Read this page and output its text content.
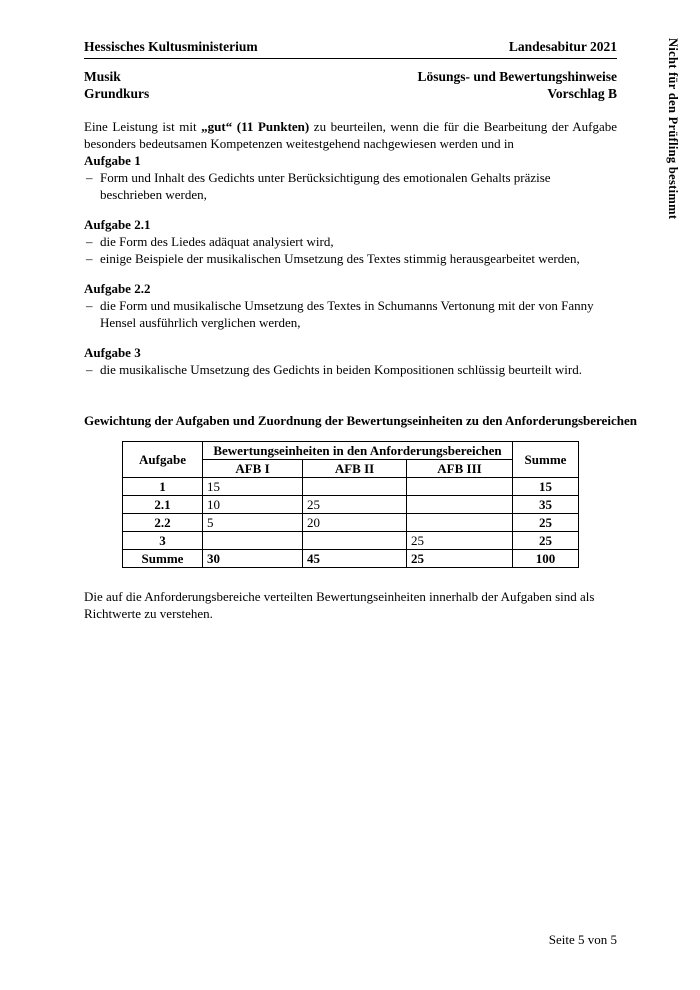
Nicht für den Prüfling bestimmt
Hessisches Kultusministerium	Landesabitur 2021
Musik	Lösungs- und Bewertungshinweise
Grundkurs	Vorschlag B

Eine Leistung ist mit „gut“ (11 Punkten) zu beurteilen, wenn die für die Bearbeitung der Aufgabe besonders bedeutsamen Kompetenzen weitestgehend nachgewiesen werden und in

Aufgabe 1
– Form und Inhalt des Gedichts unter Berücksichtigung des emotionalen Gehalts präzise beschrieben werden,
Aufgabe 2.1
– die Form des Liedes adäquat analysiert wird,
– einige Beispiele der musikalischen Umsetzung des Textes stimmig herausgearbeitet werden,
Aufgabe 2.2
– die Form und musikalische Umsetzung des Textes in Schumanns Vertonung mit der von Fanny Hensel ausführlich verglichen werden,
Aufgabe 3
– die musikalische Umsetzung des Gedichts in beiden Kompositionen schlüssig beurteilt wird.
Gewichtung der Aufgaben und Zuordnung der Bewertungseinheiten zu den Anforderungsbereichen
Aufgabe	Bewertungseinheiten in den Anforderungsbereichen			Summe
	AFB I	AFB II	AFB III	
1	15			15
2.1	10	25		35
2.2	5	20		25
3			25	25
Summe	30	45	25	100

Die auf die Anforderungsbereiche verteilten Bewertungseinheiten innerhalb der Aufgaben sind als Richtwerte zu verstehen.

Seite 5 von 5
